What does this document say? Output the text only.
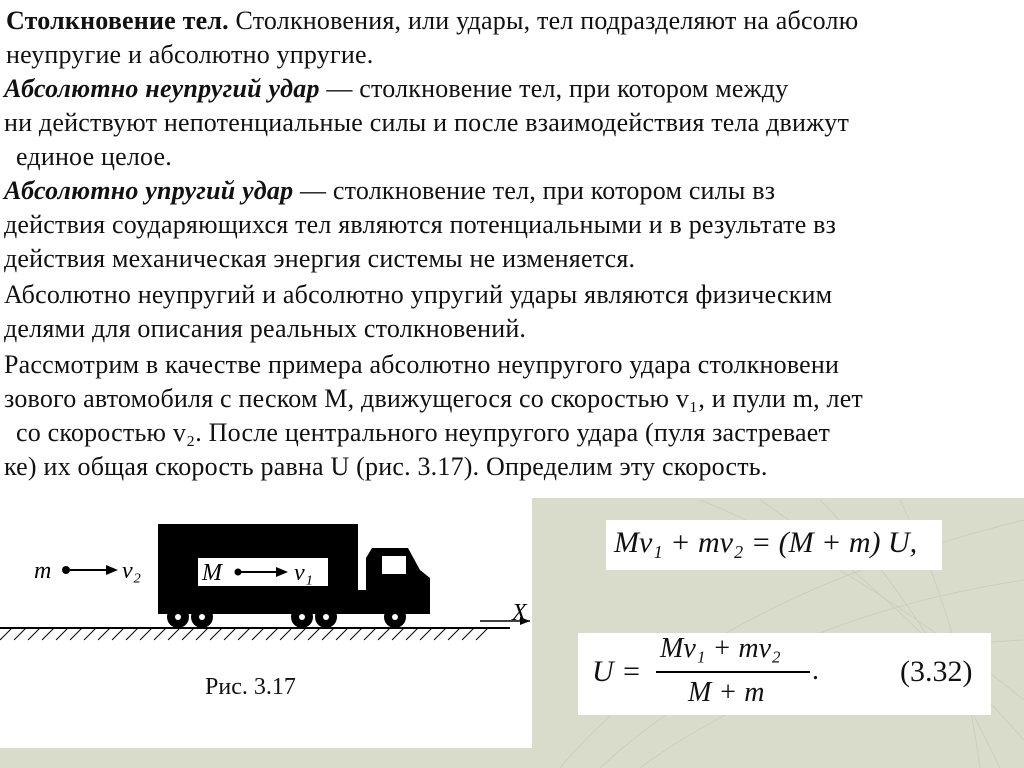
Столкновение тел. Столкновения, или удары, тел подразделяют на абсолю
неупругие и абсолютно упругие.
Абсолютно неупругий удар — столкновение тел, при котором между
ни действуют непотенциальные силы и после взаимодействия тела движут
единое целое.
Абсолютно упругий удар — столкновение тел, при котором силы вз
действия соударяющихся тел являются потенциальными и в результате вз
действия механическая энергия системы не изменяется.
Абсолютно неупругий и абсолютно упругий удары являются физическим
делями для описания реальных столкновений.
Рассмотрим в качестве примера абсолютно неупругого удара столкновени
зового автомобиля с песком M, движущегося со скоростью v₁, и пули m, лет
со скоростью v₂. После центрального неупругого удара (пуля застревает
ке) их общая скорость равна U (рис. 3.17). Определим эту скорость.
m	v₂	M	v₁
X
Рис. 3.17
Mv₁ + mv₂ = (M + m) U,
U =
Mv₁ + mv₂
M + m
.	(3.32)
